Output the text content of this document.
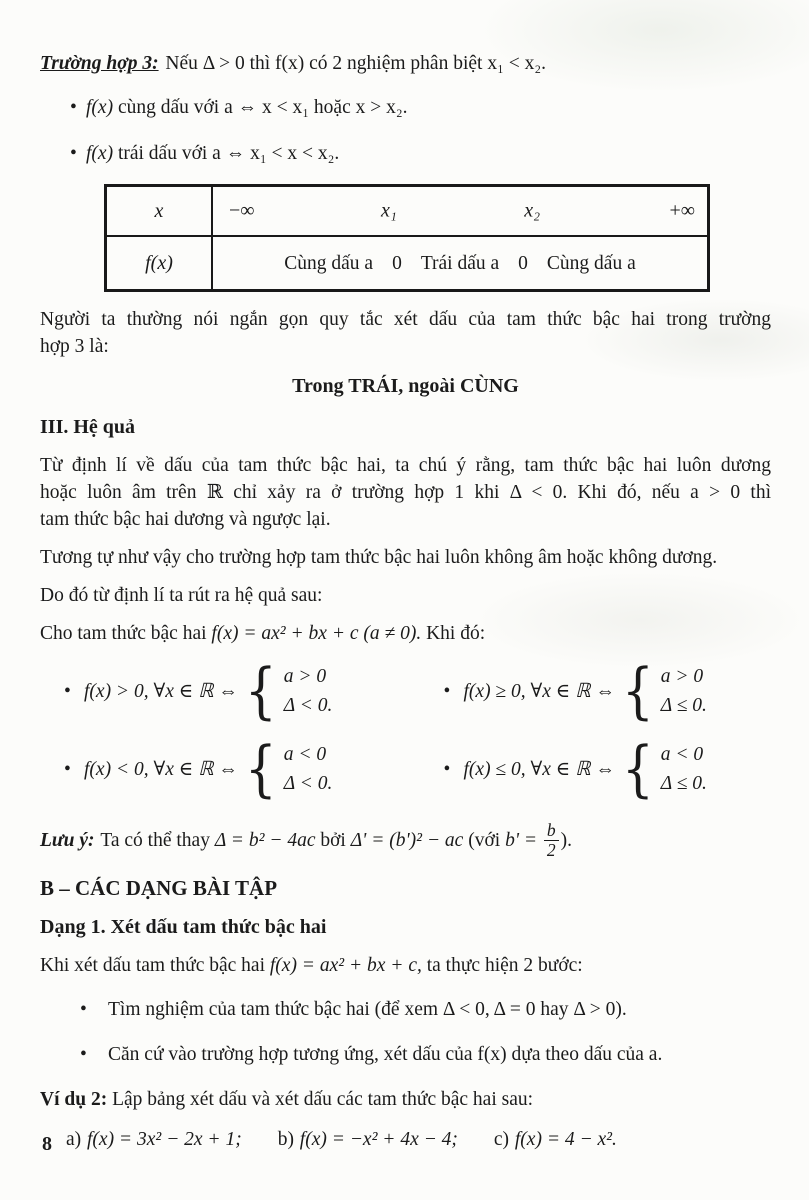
Trường hợp 3: Nếu Δ > 0 thì f(x) có 2 nghiệm phân biệt x₁ < x₂.
• f(x) cùng dấu với a ⇔ x < x₁ hoặc x > x₂.
• f(x) trái dấu với a ⇔ x₁ < x < x₂.
x	−∞	x₁	x₂	+∞
f(x)	Cùng dấu a 0 Trái dấu a 0 Cùng dấu a
Người ta thường nói ngắn gọn quy tắc xét dấu của tam thức bậc hai trong trường
hợp 3 là:
Trong TRÁI, ngoài CÙNG
III. Hệ quả
Từ định lí về dấu của tam thức bậc hai, ta chú ý rằng, tam thức bậc hai luôn dương
hoặc luôn âm trên ℝ chỉ xảy ra ở trường hợp 1 khi Δ < 0. Khi đó, nếu a > 0 thì
tam thức bậc hai dương và ngược lại.
Tương tự như vậy cho trường hợp tam thức bậc hai luôn không âm hoặc không dương.
Do đó từ định lí ta rút ra hệ quả sau:
Cho tam thức bậc hai f(x) = ax² + bx + c (a ≠ 0). Khi đó:
• f(x) > 0, ∀x ∈ ℝ ⇔ { a > 0
Δ < 0.
• f(x) ≥ 0, ∀x ∈ ℝ ⇔ { a > 0
Δ ≤ 0.
• f(x) < 0, ∀x ∈ ℝ ⇔ { a < 0
Δ < 0.
• f(x) ≤ 0, ∀x ∈ ℝ ⇔ { a < 0
Δ ≤ 0.
Lưu ý: Ta có thể thay Δ = b² − 4ac bởi Δ' = (b')² − ac (với $b' = \frac{b}{2}$ ).
B – CÁC DẠNG BÀI TẬP
Dạng 1. Xét dấu tam thức bậc hai
Khi xét dấu tam thức bậc hai f(x) = ax² + bx + c, ta thực hiện 2 bước:
•	Tìm nghiệm của tam thức bậc hai (để xem Δ < 0, Δ = 0 hay Δ > 0).
•	Căn cứ vào trường hợp tương ứng, xét dấu của f(x) dựa theo dấu của a.
Ví dụ 2: Lập bảng xét dấu và xét dấu các tam thức bậc hai sau:
a) f(x) = 3x² − 2x + 1; b) f(x) = −x² + 4x − 4; c) f(x) = 4 − x².
8
